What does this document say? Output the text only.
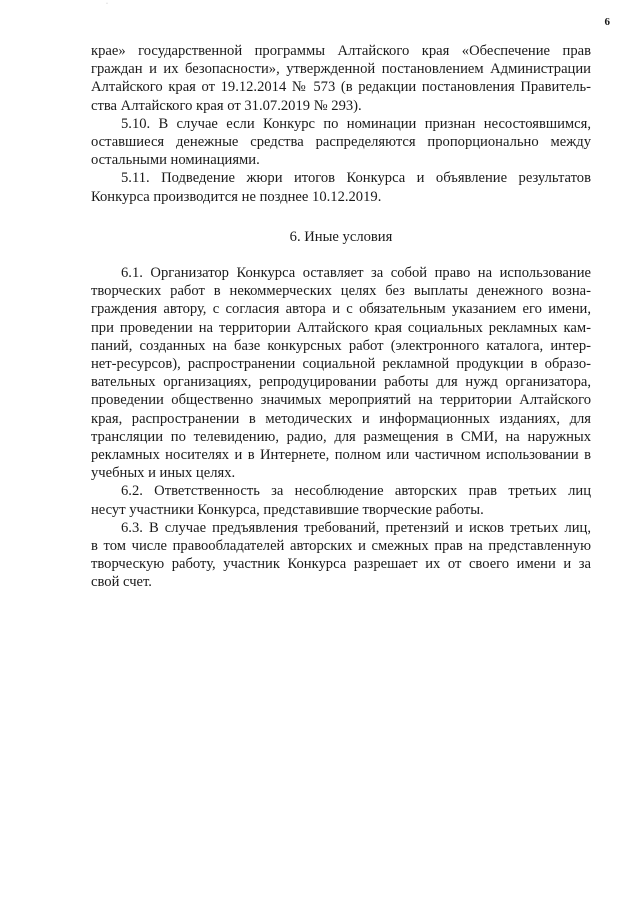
·
6

крае» государственной программы Алтайского края «Обеспечение прав
граждан и их безопасности», утвержденной постановлением Администрации
Алтайского края от 19.12.2014 № 573 (в редакции постановления Правитель-
ства Алтайского края от 31.07.2019 № 293).

5.10. В случае если Конкурс по номинации признан несостоявшимся,
оставшиеся денежные средства распределяются пропорционально между
остальными номинациями.

5.11. Подведение жюри итогов Конкурса и объявление результатов
Конкурса производится не позднее 10.12.2019.

6. Иные условия

6.1. Организатор Конкурса оставляет за собой право на использование
творческих работ в некоммерческих целях без выплаты денежного возна-
граждения автору, с согласия автора и с обязательным указанием его имени,
при проведении на территории Алтайского края социальных рекламных кам-
паний, созданных на базе конкурсных работ (электронного каталога, интер-
нет-ресурсов), распространении социальной рекламной продукции в образо-
вательных организациях, репродуцировании работы для нужд организатора,
проведении общественно значимых мероприятий на территории Алтайского
края, распространении в методических и информационных изданиях, для
трансляции по телевидению, радио, для размещения в СМИ, на наружных
рекламных носителях и в Интернете, полном или частичном использовании в
учебных и иных целях.

6.2. Ответственность за несоблюдение авторских прав третьих лиц
несут участники Конкурса, представившие творческие работы.

6.3. В случае предъявления требований, претензий и исков третьих лиц,
в том числе правообладателей авторских и смежных прав на представленную
творческую работу, участник Конкурса разрешает их от своего имени и за
свой счет.
